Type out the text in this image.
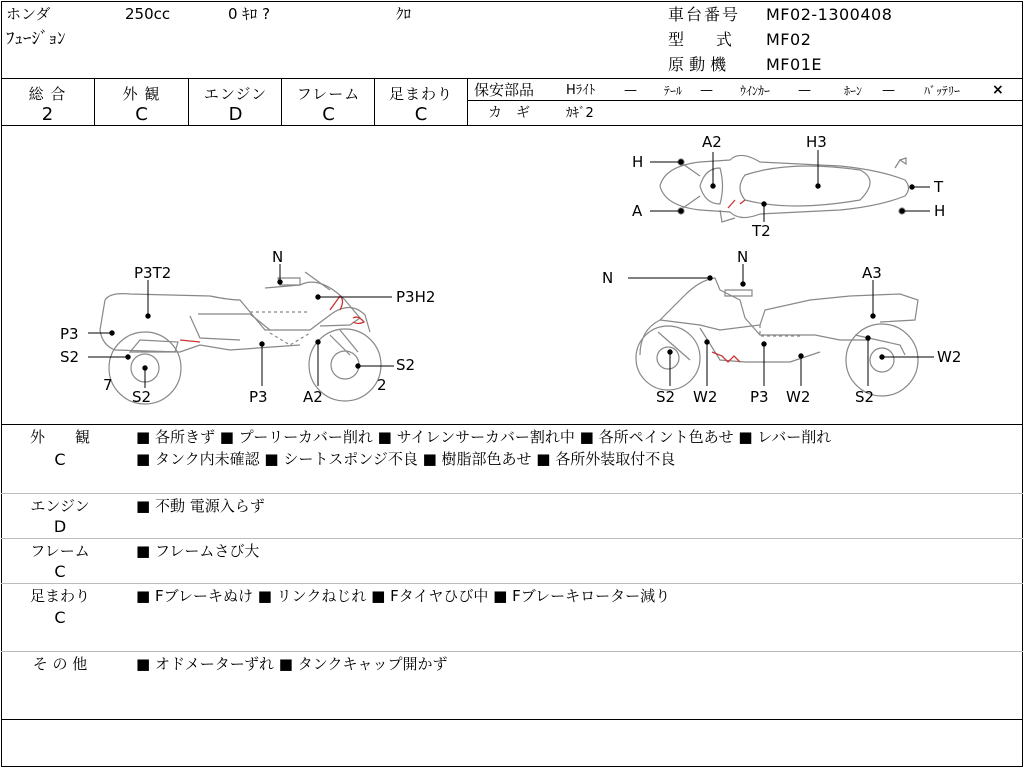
ホンダ	250cc	0 ｷﾛ ?	ｸﾛ
ﾌｭｰｼﾞｮﾝ
車台番号 MF02-1300408
型　　式 MF02
原 動 機 MF01E
総 合
2
外 観
C
エンジン
D
フレーム
C
足まわり
C
保安部品 Hﾗｲﾄ — ﾃｰﾙ — ｳｲﾝｶｰ —	ﾎｰﾝ — ﾊﾞｯﾃﾘｰ ×
カ　ギ	ｶｷﾞ2
N
P3T2
P3H2
P3
S2	S2
7
S2	P3 A2
2
N
N
A3
W2
S2 W2 P3 W2	S2
H
A2	H3
T
A	H
T2
外　　観
C
■ 各所きず ■ プーリーカバー削れ ■ サイレンサーカバー割れ中 ■ 各所ペイント色あせ ■ レバー削れ
■ タンク内未確認 ■ シートスポンジ不良 ■ 樹脂部色あせ ■ 各所外装取付不良
エンジン
D
■ 不動 電源入らず
フレーム
C
■ フレームさび大
足まわり
C
■ Fブレーキぬけ ■ リンクねじれ ■ Fタイヤひび中 ■ Fブレーキローター減り
そ の 他	■ オドメーターずれ ■ タンクキャップ開かず
